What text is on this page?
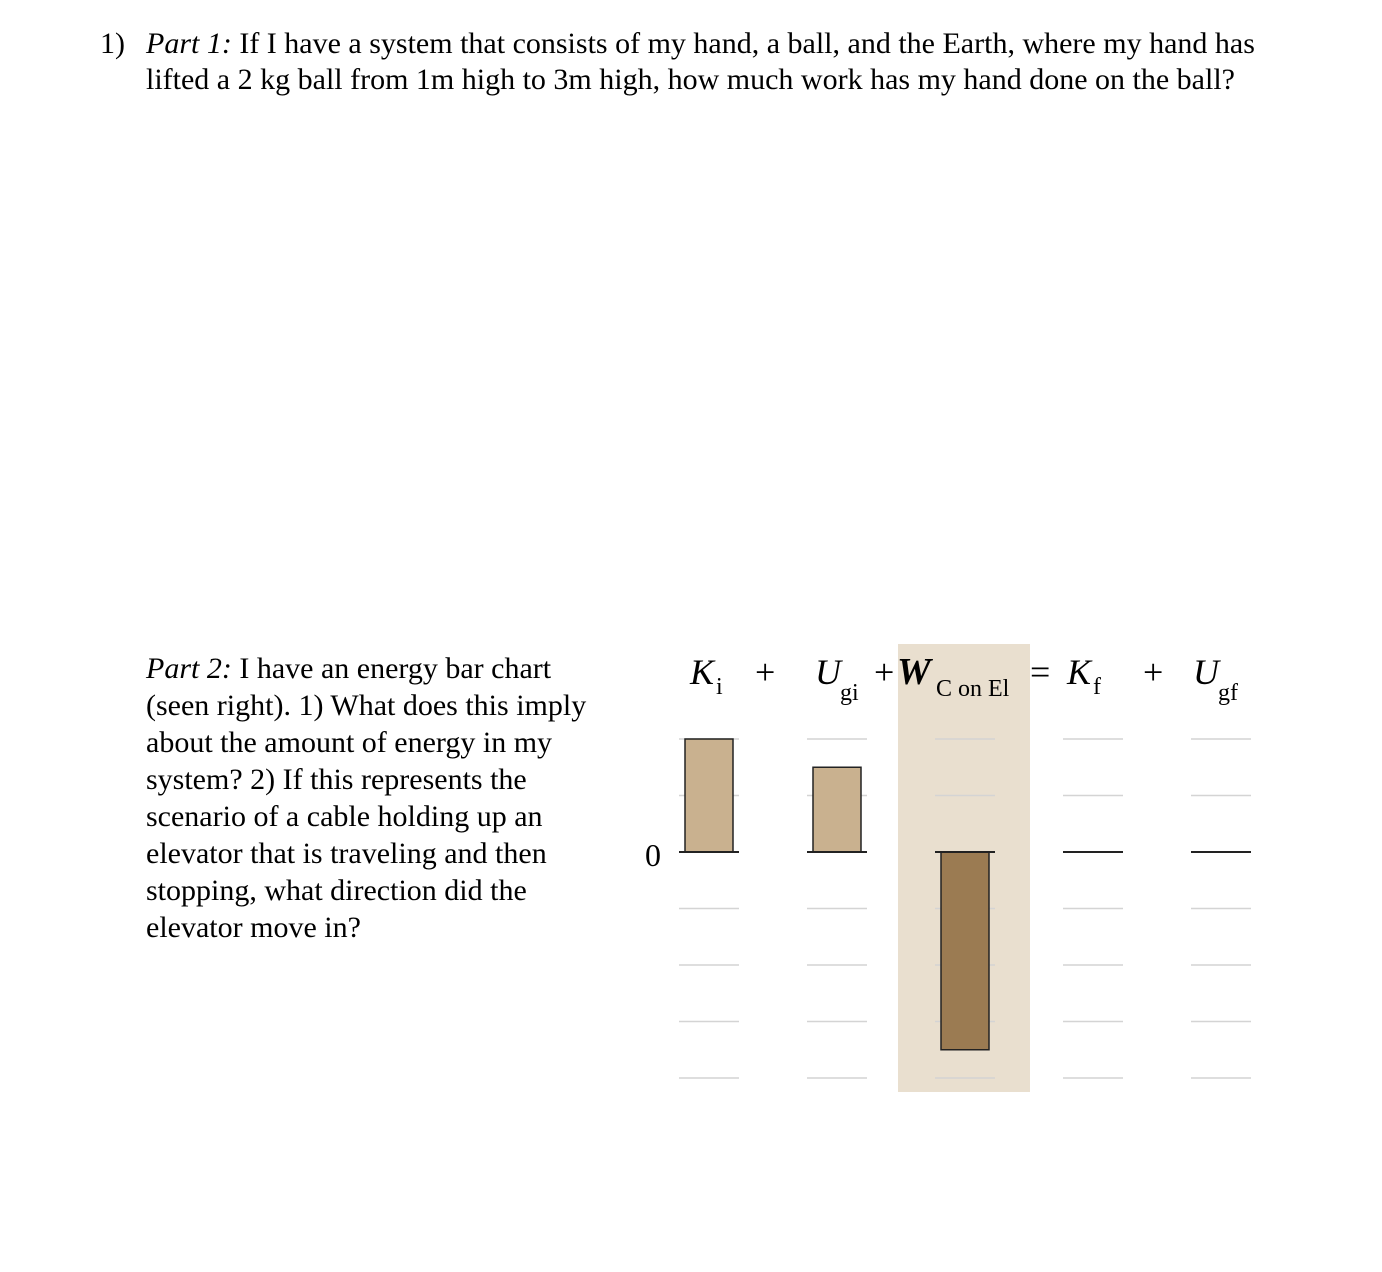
1) Part 1: If I have a system that consists of my hand, a ball, and the Earth, where my hand has lifted a 2 kg ball from 1m high to 3m high, how much work has my hand done on the ball?
Part 2: I have an energy bar chart (seen right). 1) What does this imply about the amount of energy in my system? 2) If this represents the scenario of a cable holding up an elevator that is traveling and then stopping, what direction did the elevator move in?
0
K i + U
gi
+ W C on El = K f + U
gf
